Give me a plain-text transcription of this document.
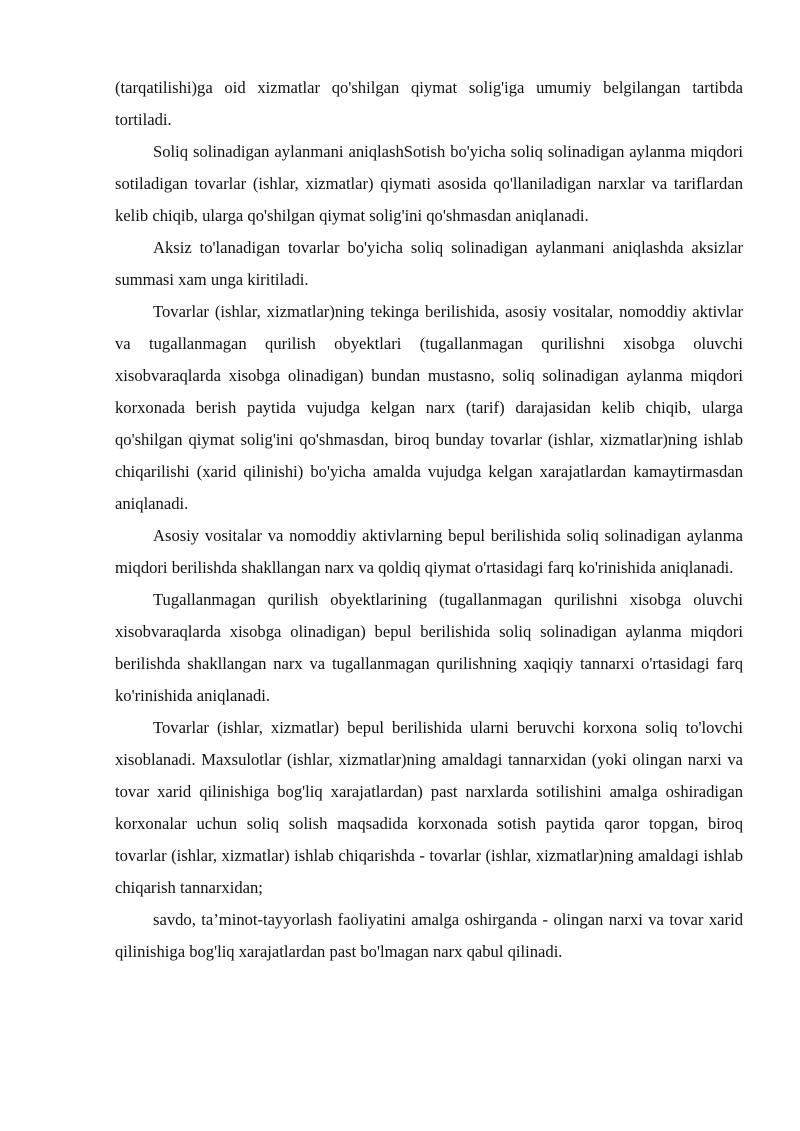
(tarqatilishi)ga oid xizmatlar qo'shilgan qiymat solig'iga umumiy belgilangan tartibda tortiladi.

Soliq solinadigan aylanmani aniqlashSotish bo'yicha soliq solinadigan aylanma miqdori sotiladigan tovarlar (ishlar, xizmatlar) qiymati asosida qo'llaniladigan narxlar va tariflardan kelib chiqib, ularga qo'shilgan qiymat solig'ini qo'shmasdan aniqlanadi.

Aksiz to'lanadigan tovarlar bo'yicha soliq solinadigan aylanmani aniqlashda aksizlar summasi xam unga kiritiladi.

Tovarlar (ishlar, xizmatlar)ning tekinga berilishida, asosiy vositalar, nomoddiy aktivlar va tugallanmagan qurilish obyektlari (tugallanmagan qurilishni xisobga oluvchi xisobvaraqlarda xisobga olinadigan) bundan mustasno, soliq solinadigan aylanma miqdori korxonada berish paytida vujudga kelgan narx (tarif) darajasidan kelib chiqib, ularga qo'shilgan qiymat solig'ini qo'shmasdan, biroq bunday tovarlar (ishlar, xizmatlar)ning ishlab chiqarilishi (xarid qilinishi) bo'yicha amalda vujudga kelgan xarajatlardan kamaytirmasdan aniqlanadi.

Asosiy vositalar va nomoddiy aktivlarning bepul berilishida soliq solinadigan aylanma miqdori berilishda shakllangan narx va qoldiq qiymat o'rtasidagi farq ko'rinishida aniqlanadi.

Tugallanmagan qurilish obyektlarining (tugallanmagan qurilishni xisobga oluvchi xisobvaraqlarda xisobga olinadigan) bepul berilishida soliq solinadigan aylanma miqdori berilishda shakllangan narx va tugallanmagan qurilishning xaqiqiy tannarxi o'rtasidagi farq ko'rinishida aniqlanadi.

Tovarlar (ishlar, xizmatlar) bepul berilishida ularni beruvchi korxona soliq to'lovchi xisoblanadi. Maxsulotlar (ishlar, xizmatlar)ning amaldagi tannarxidan (yoki olingan narxi va tovar xarid qilinishiga bog'liq xarajatlardan) past narxlarda sotilishini amalga oshiradigan korxonalar uchun soliq solish maqsadida korxonada sotish paytida qaror topgan, biroq tovarlar (ishlar, xizmatlar) ishlab chiqarishda - tovarlar (ishlar, xizmatlar)ning amaldagi ishlab chiqarish tannarxidan;

savdo, ta’minot-tayyorlash faoliyatini amalga oshirganda - olingan narxi va tovar xarid qilinishiga bog'liq xarajatlardan past bo'lmagan narx qabul qilinadi.
